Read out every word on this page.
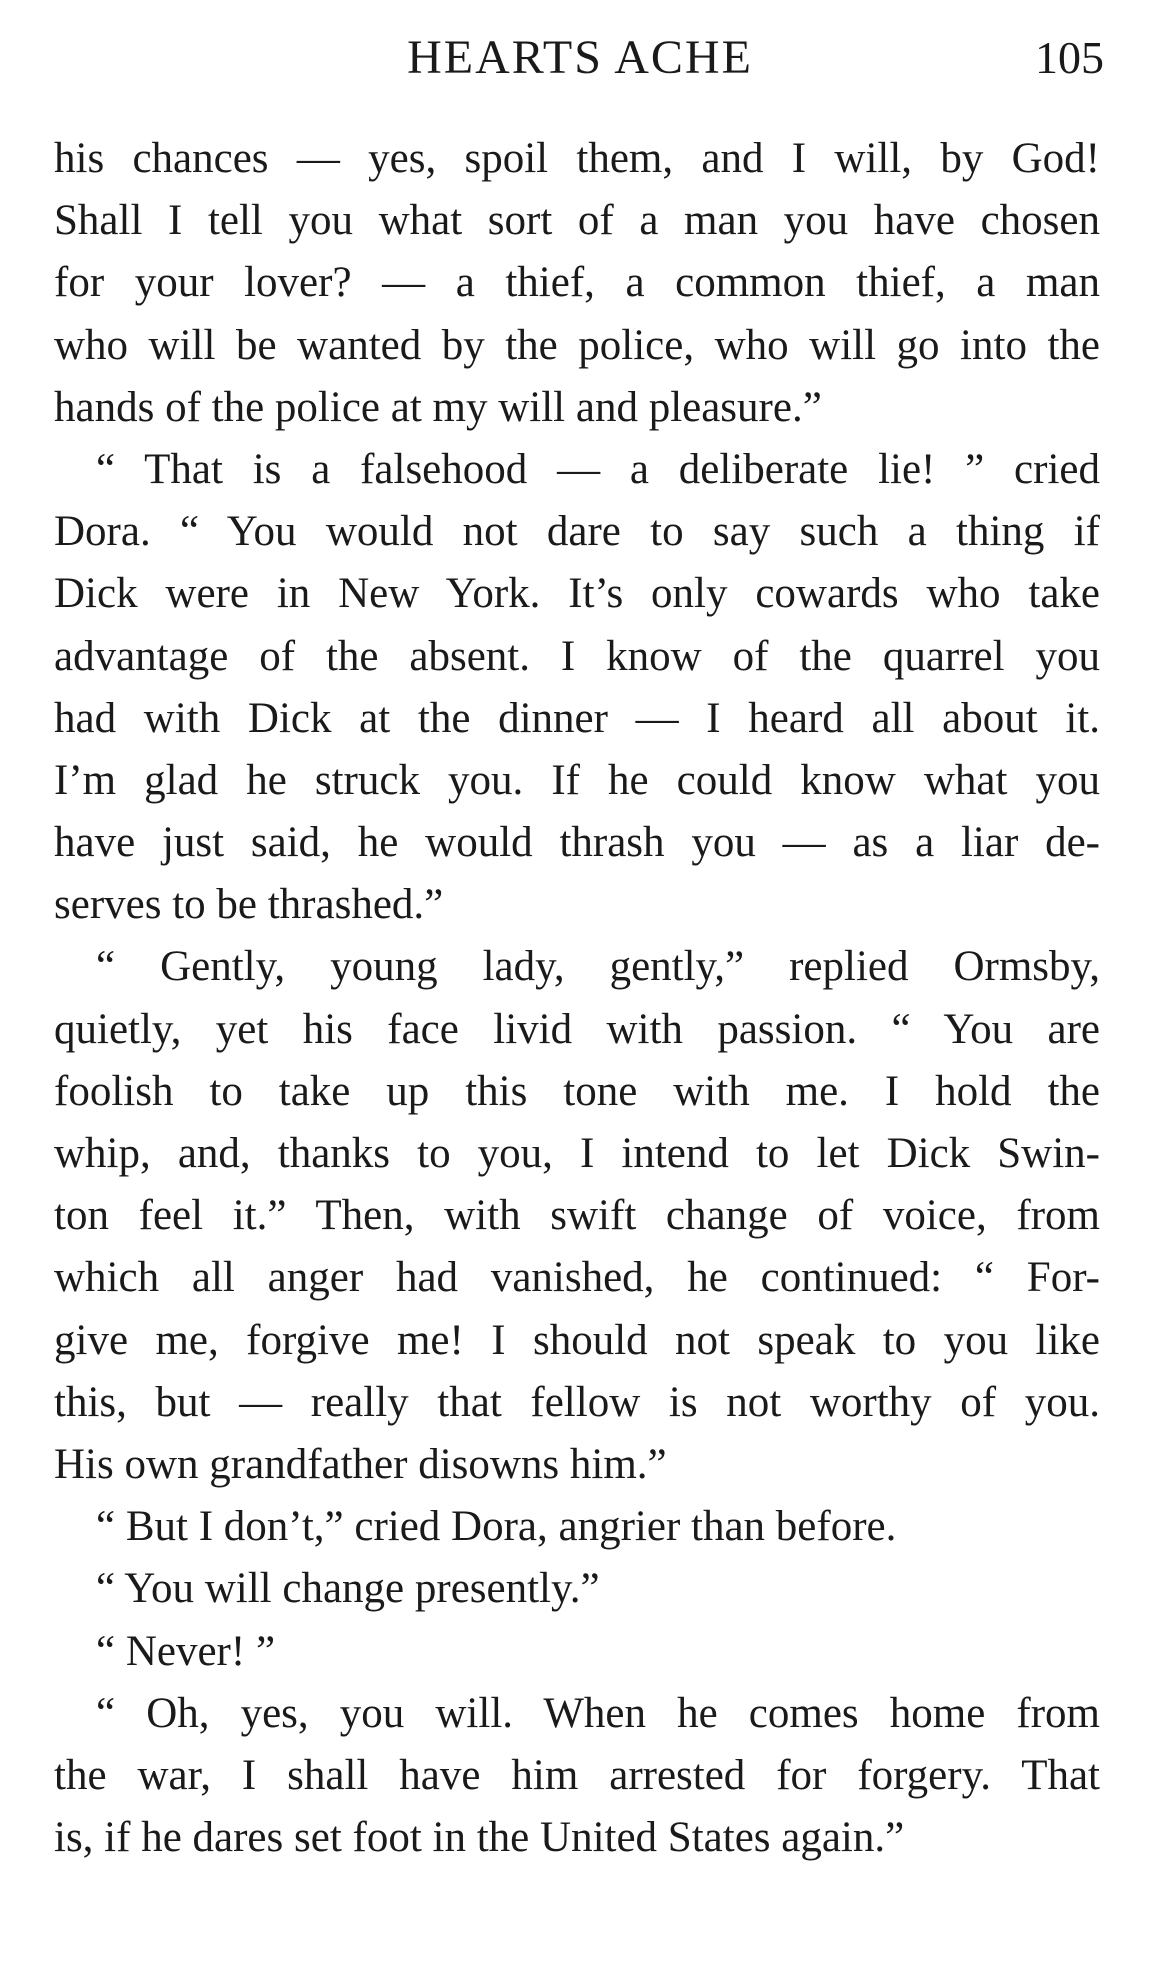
HEARTS ACHE	105
his chances — yes, spoil them, and I will, by God!
Shall I tell you what sort of a man you have chosen
for your lover? — a thief, a common thief, a man
who will be wanted by the police, who will go into the
hands of the police at my will and pleasure.”
“ That is a falsehood — a deliberate lie! ” cried
Dora. “ You would not dare to say such a thing if
Dick were in New York. It’s only cowards who take
advantage of the absent. I know of the quarrel you
had with Dick at the dinner — I heard all about it.
I’m glad he struck you. If he could know what you
have just said, he would thrash you — as a liar de-
serves to be thrashed.”
“ Gently, young lady, gently,” replied Ormsby,
quietly, yet his face livid with passion. “ You are
foolish to take up this tone with me. I hold the
whip, and, thanks to you, I intend to let Dick Swin-
ton feel it.” Then, with swift change of voice, from
which all anger had vanished, he continued: “ For-
give me, forgive me! I should not speak to you like
this, but — really that fellow is not worthy of you.
His own grandfather disowns him.”
“ But I don’t,” cried Dora, angrier than before.
“ You will change presently.”
“ Never! ”
“ Oh, yes, you will. When he comes home from
the war, I shall have him arrested for forgery. That
is, if he dares set foot in the United States again.”
